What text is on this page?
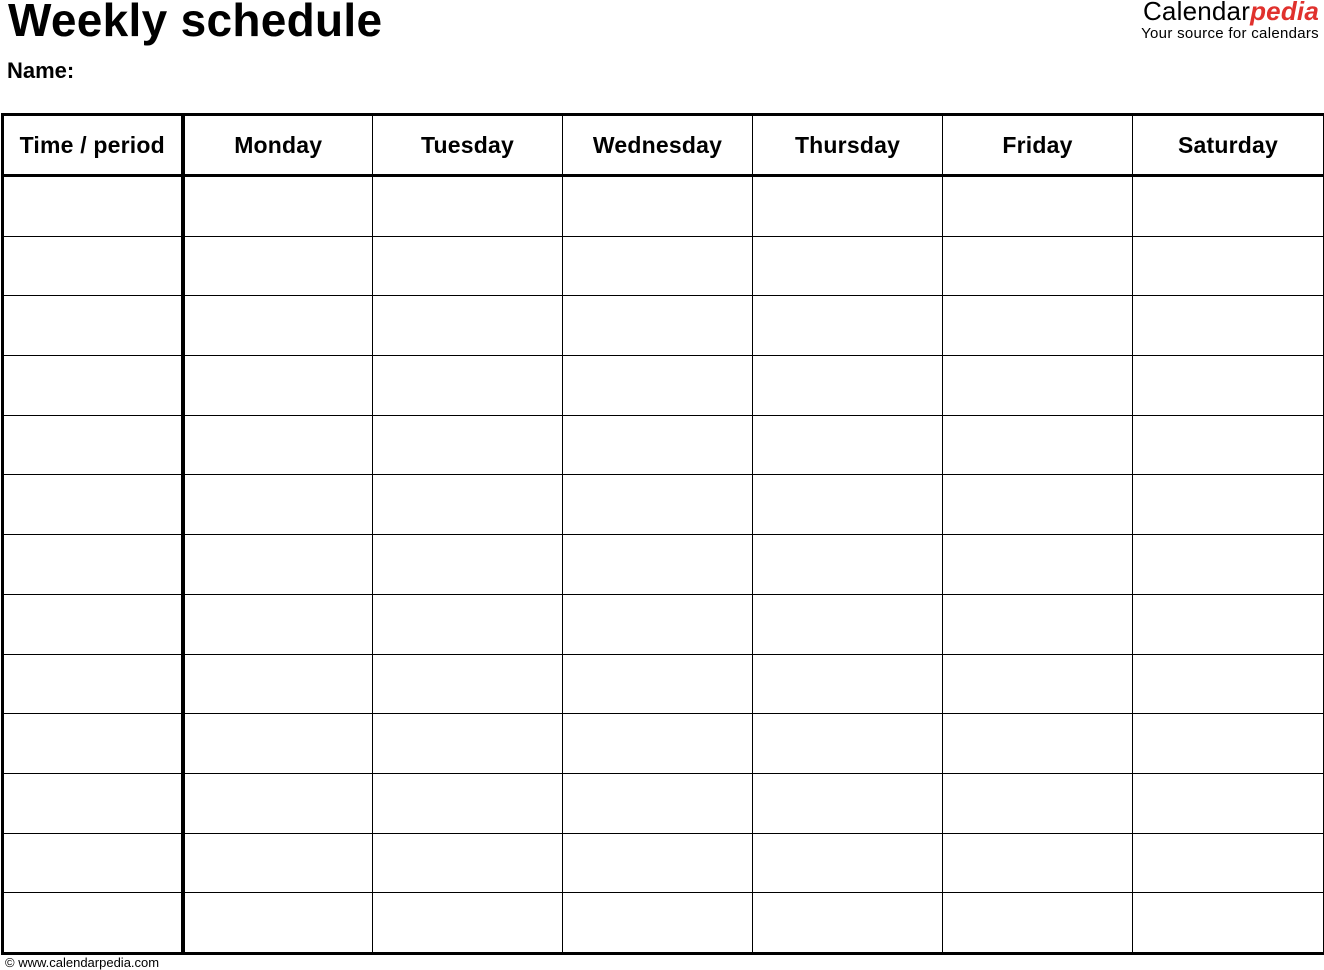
Weekly schedule
Name:
Calendarpedia
Your source for calendars
Time / period	Monday	Tuesday	Wednesday	Thursday	Friday	Saturday

© www.calendarpedia.com
